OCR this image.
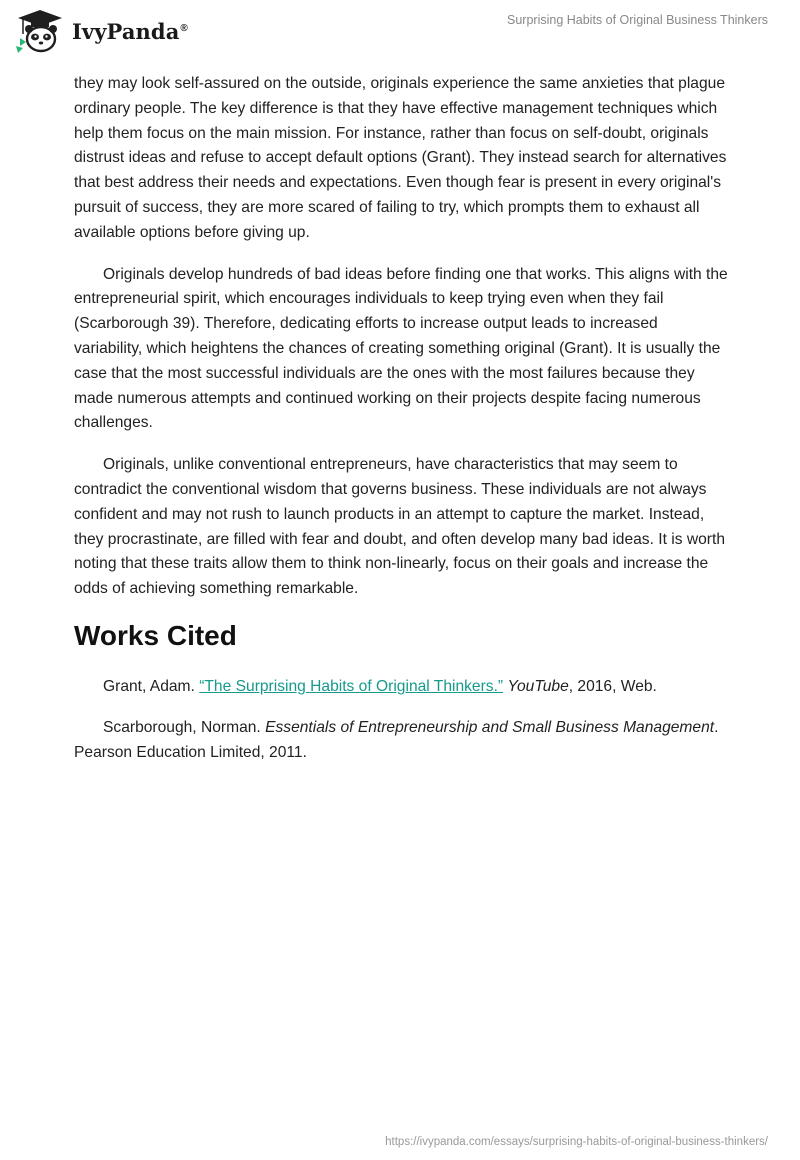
IvyPanda®
Surprising Habits of Original Business Thinkers

they may look self-assured on the outside, originals experience the same anxieties that plague ordinary people. The key difference is that they have effective management techniques which help them focus on the main mission. For instance, rather than focus on self-doubt, originals distrust ideas and refuse to accept default options (Grant). They instead search for alternatives that best address their needs and expectations. Even though fear is present in every original's pursuit of success, they are more scared of failing to try, which prompts them to exhaust all available options before giving up.

Originals develop hundreds of bad ideas before finding one that works. This aligns with the entrepreneurial spirit, which encourages individuals to keep trying even when they fail (Scarborough 39). Therefore, dedicating efforts to increase output leads to increased variability, which heightens the chances of creating something original (Grant). It is usually the case that the most successful individuals are the ones with the most failures because they made numerous attempts and continued working on their projects despite facing numerous challenges.

Originals, unlike conventional entrepreneurs, have characteristics that may seem to contradict the conventional wisdom that governs business. These individuals are not always confident and may not rush to launch products in an attempt to capture the market. Instead, they procrastinate, are filled with fear and doubt, and often develop many bad ideas. It is worth noting that these traits allow them to think non-linearly, focus on their goals and increase the odds of achieving something remarkable.

Works Cited

Grant, Adam. “The Surprising Habits of Original Thinkers.” YouTube, 2016, Web.

Scarborough, Norman. Essentials of Entrepreneurship and Small Business Management. Pearson Education Limited, 2011.

https://ivypanda.com/essays/surprising-habits-of-original-business-thinkers/
